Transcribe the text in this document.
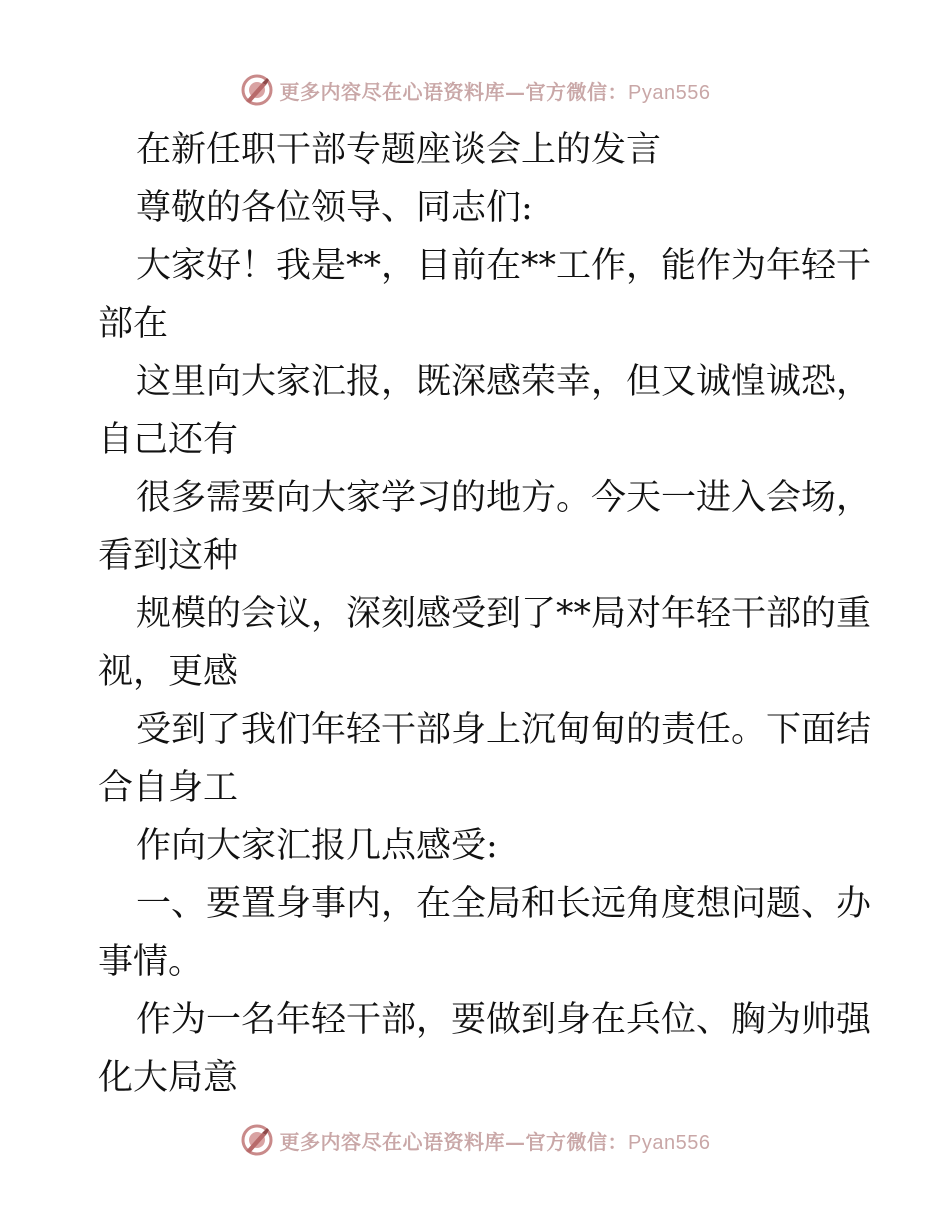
更多内容尽在心语资料库—官方微信：Pyan556
在新任职干部专题座谈会上的发言
尊敬的各位领导、同志们:
大家好！我是**，目前在**工作，能作为年轻干
部在
这里向大家汇报，既深感荣幸，但又诚惶诚恐，
自己还有
很多需要向大家学习的地方。今天一进入会场，
看到这种
规模的会议，深刻感受到了**局对年轻干部的重
视，更感
受到了我们年轻干部身上沉甸甸的责任。下面结
合自身工
作向大家汇报几点感受:
一、要置身事内，在全局和长远角度想问题、办
事情。
作为一名年轻干部，要做到身在兵位、胸为帅强
化大局意
更多内容尽在心语资料库—官方微信：Pyan556
